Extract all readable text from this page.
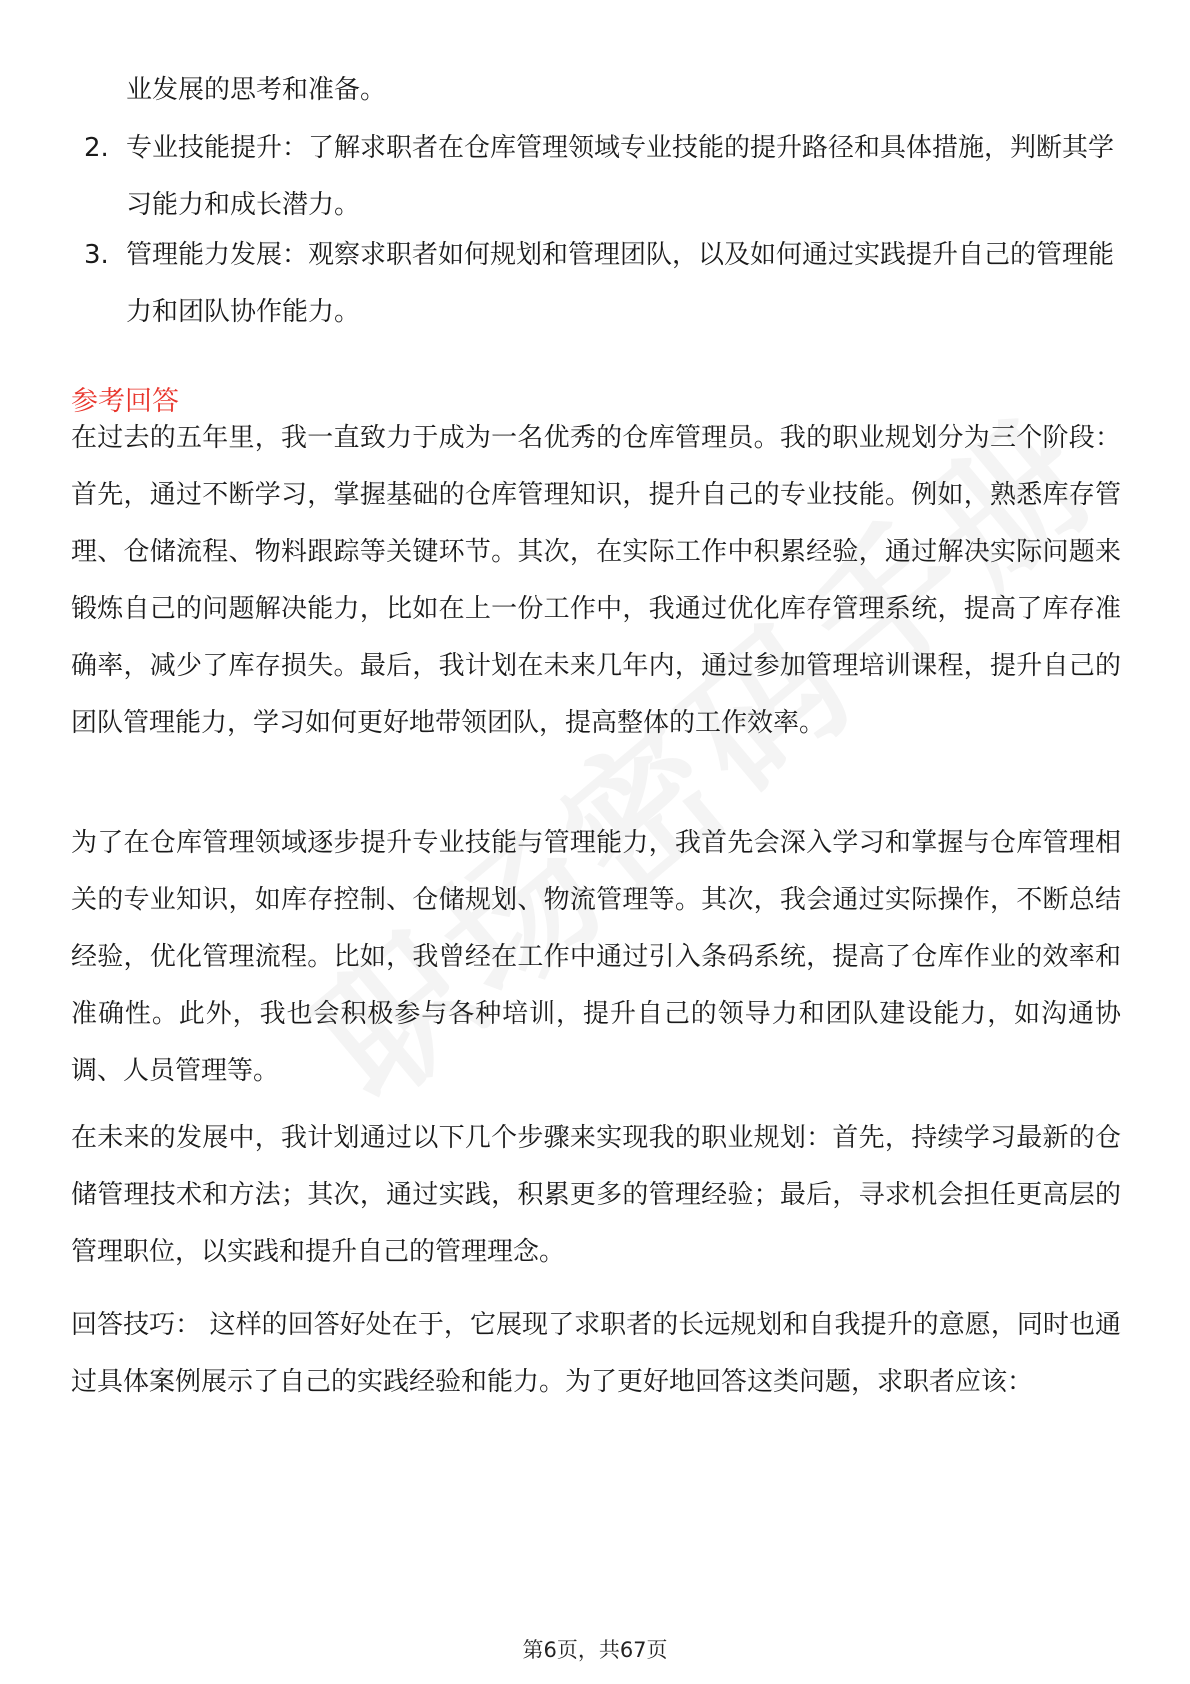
业发展的思考和准备。
2. 专业技能提升：了解求职者在仓库管理领域专业技能的提升路径和具体措施，判断其学习能力和成长潜力。
3. 管理能力发展：观察求职者如何规划和管理团队，以及如何通过实践提升自己的管理能力和团队协作能力。
参考回答
在过去的五年里，我一直致力于成为一名优秀的仓库管理员。我的职业规划分为三个阶段：首先，通过不断学习，掌握基础的仓库管理知识，提升自己的专业技能。例如，熟悉库存管理、仓储流程、物料跟踪等关键环节。其次，在实际工作中积累经验，通过解决实际问题来锻炼自己的问题解决能力，比如在上一份工作中，我通过优化库存管理系统，提高了库存准确率，减少了库存损失。最后，我计划在未来几年内，通过参加管理培训课程，提升自己的团队管理能力，学习如何更好地带领团队，提高整体的工作效率。
为了在仓库管理领域逐步提升专业技能与管理能力，我首先会深入学习和掌握与仓库管理相关的专业知识，如库存控制、仓储规划、物流管理等。其次，我会通过实际操作，不断总结经验，优化管理流程。比如，我曾经在工作中通过引入条码系统，提高了仓库作业的效率和准确性。此外，我也会积极参与各种培训，提升自己的领导力和团队建设能力，如沟通协调、人员管理等。
在未来的发展中，我计划通过以下几个步骤来实现我的职业规划：首先，持续学习最新的仓储管理技术和方法；其次，通过实践，积累更多的管理经验；最后，寻求机会担任更高层的管理职位，以实践和提升自己的管理理念。
回答技巧： 这样的回答好处在于，它展现了求职者的长远规划和自我提升的意愿，同时也通过具体案例展示了自己的实践经验和能力。为了更好地回答这类问题，求职者应该：
第6页，共67页
